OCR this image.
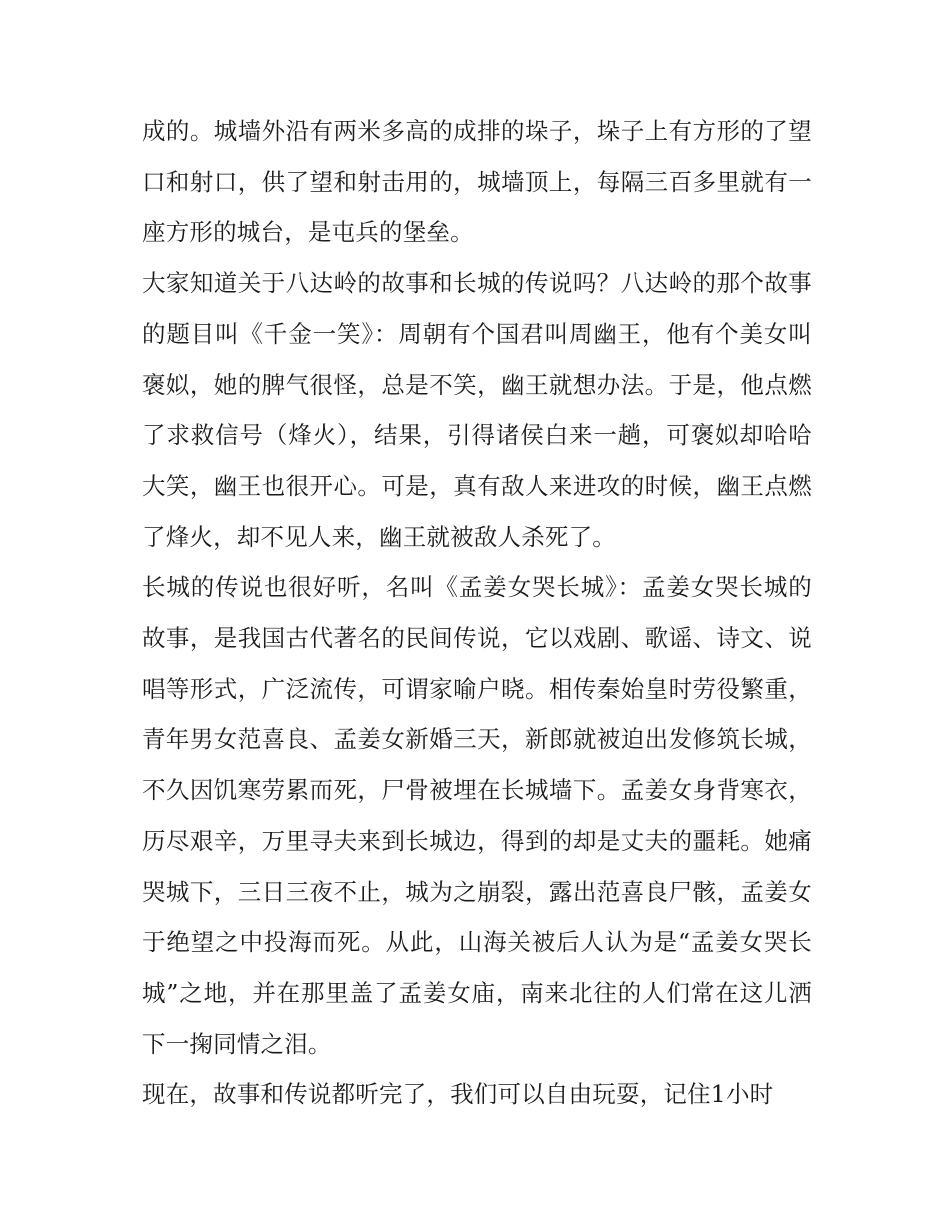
成的。城墙外沿有两米多高的成排的垛子，垛子上有方形的了望口和射口，供了望和射击用的，城墙顶上，每隔三百多里就有一座方形的城台，是屯兵的堡垒。

大家知道关于八达岭的故事和长城的传说吗？八达岭的那个故事的题目叫《千金一笑》：周朝有个国君叫周幽王，他有个美女叫褒姒，她的脾气很怪，总是不笑，幽王就想办法。于是，他点燃了求救信号（烽火），结果，引得诸侯白来一趟，可褒姒却哈哈大笑，幽王也很开心。可是，真有敌人来进攻的时候，幽王点燃了烽火，却不见人来，幽王就被敌人杀死了。

长城的传说也很好听，名叫《孟姜女哭长城》：孟姜女哭长城的故事，是我国古代著名的民间传说，它以戏剧、歌谣、诗文、说唱等形式，广泛流传，可谓家喻户晓。相传秦始皇时劳役繁重，青年男女范喜良、孟姜女新婚三天，新郎就被迫出发修筑长城，不久因饥寒劳累而死，尸骨被埋在长城墙下。孟姜女身背寒衣，历尽艰辛，万里寻夫来到长城边，得到的却是丈夫的噩耗。她痛哭城下，三日三夜不止，城为之崩裂，露出范喜良尸骸，孟姜女于绝望之中投海而死。从此，山海关被后人认为是“孟姜女哭长城”之地，并在那里盖了孟姜女庙，南来北往的人们常在这儿洒下一掬同情之泪。

现在，故事和传说都听完了，我们可以自由玩耍，记住1小时
